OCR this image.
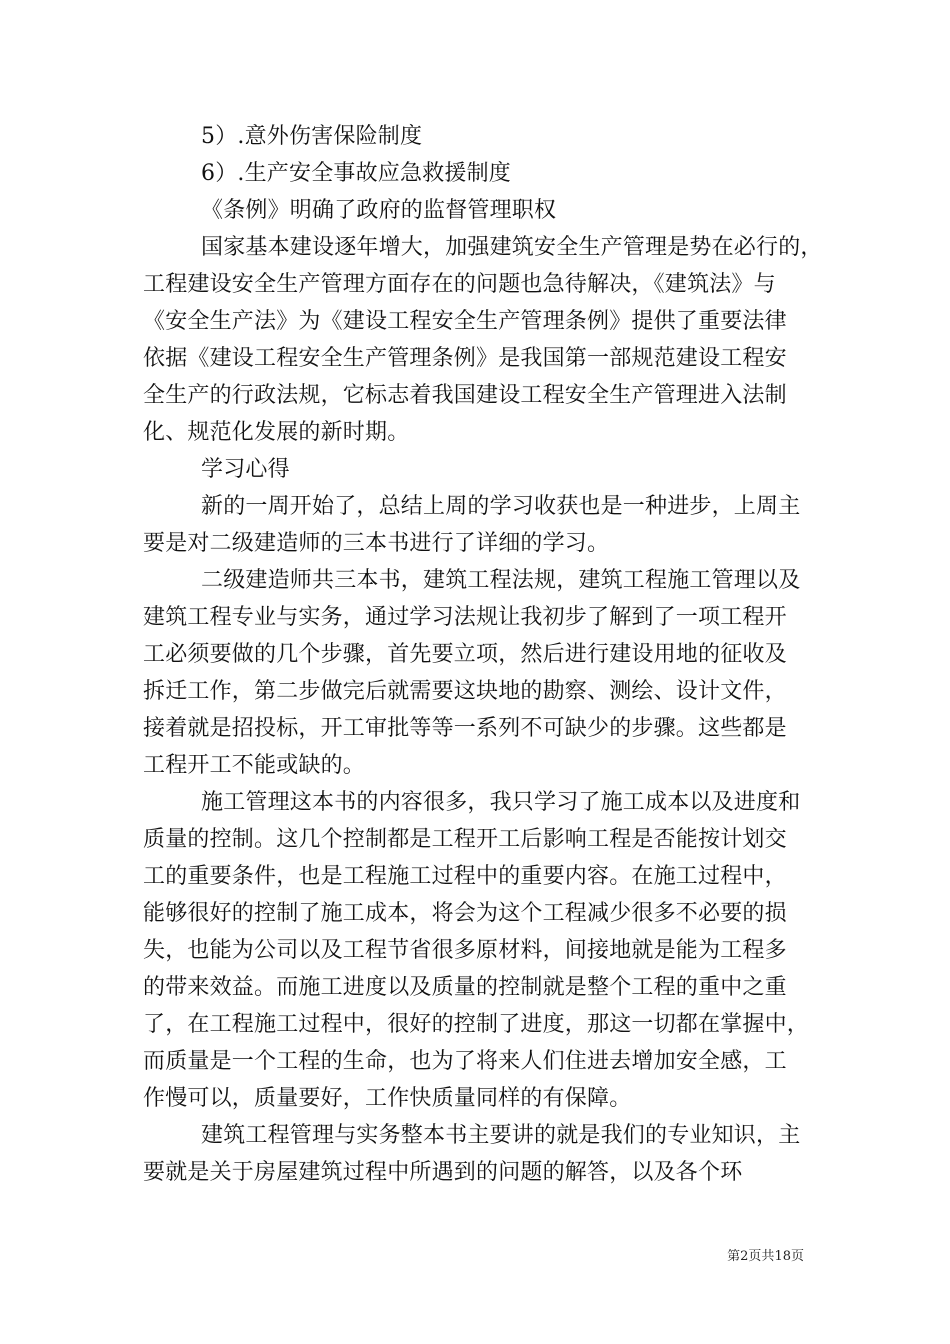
5）.意外伤害保险制度
6）.生产安全事故应急救援制度
《条例》明确了政府的监督管理职权
国家基本建设逐年增大，加强建筑安全生产管理是势在必行的，
工程建设安全生产管理方面存在的问题也急待解决，《建筑法》与
《安全生产法》为《建设工程安全生产管理条例》提供了重要法律
依据《建设工程安全生产管理条例》是我国第一部规范建设工程安
全生产的行政法规，它标志着我国建设工程安全生产管理进入法制
化、规范化发展的新时期。
学习心得
新的一周开始了，总结上周的学习收获也是一种进步，上周主
要是对二级建造师的三本书进行了详细的学习。
二级建造师共三本书，建筑工程法规，建筑工程施工管理以及
建筑工程专业与实务，通过学习法规让我初步了解到了一项工程开
工必须要做的几个步骤，首先要立项，然后进行建设用地的征收及
拆迁工作，第二步做完后就需要这块地的勘察、测绘、设计文件，
接着就是招投标，开工审批等等一系列不可缺少的步骤。这些都是
工程开工不能或缺的。
施工管理这本书的内容很多，我只学习了施工成本以及进度和
质量的控制。这几个控制都是工程开工后影响工程是否能按计划交
工的重要条件，也是工程施工过程中的重要内容。在施工过程中，
能够很好的控制了施工成本，将会为这个工程减少很多不必要的损
失，也能为公司以及工程节省很多原材料，间接地就是能为工程多
的带来效益。而施工进度以及质量的控制就是整个工程的重中之重
了，在工程施工过程中，很好的控制了进度，那这一切都在掌握中，
而质量是一个工程的生命，也为了将来人们住进去增加安全感，工
作慢可以，质量要好，工作快质量同样的有保障。
建筑工程管理与实务整本书主要讲的就是我们的专业知识，主
要就是关于房屋建筑过程中所遇到的问题的解答，以及各个环
第2页共18页
